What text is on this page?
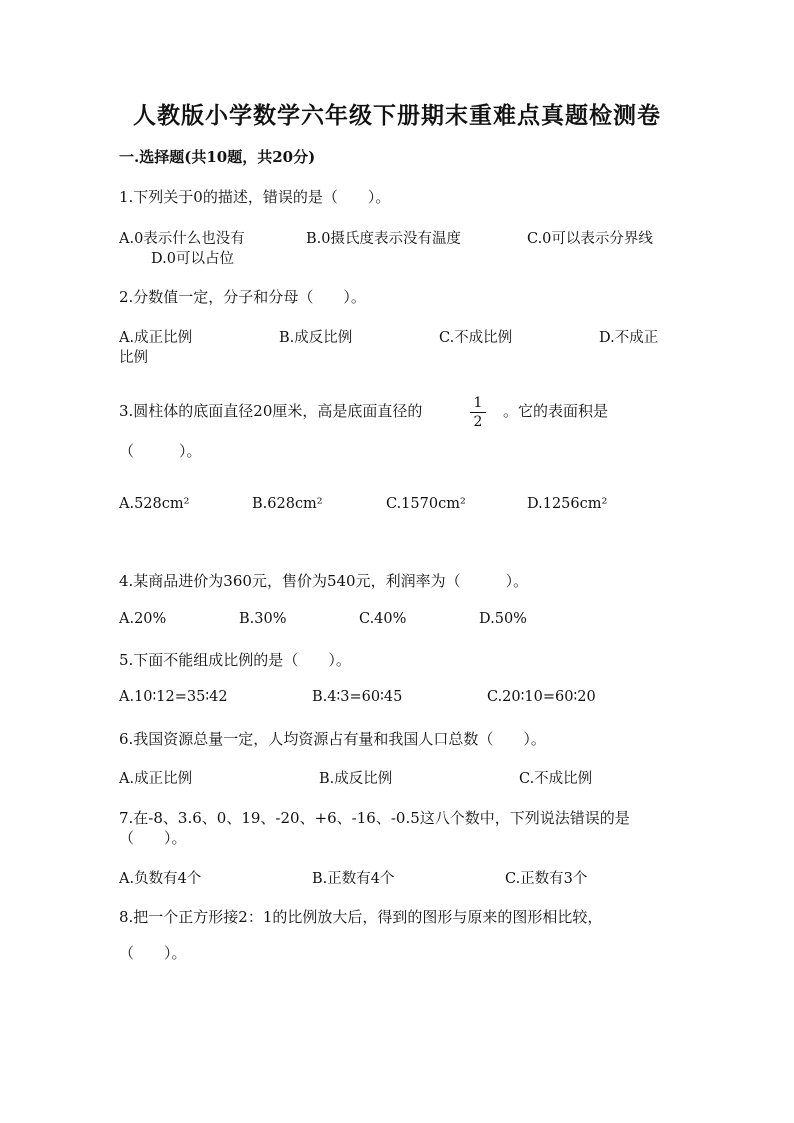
人教版小学数学六年级下册期末重难点真题检测卷
一.选择题(共10题，共20分)
1.下列关于0的描述，错误的是（　　）。
A.0表示什么也没有	B.0摄氏度表示没有温度	C.0可以表示分界线
D.0可以占位
2.分数值一定，分子和分母（　　）。
A.成正比例	B.成反比例	C.不成比例	D.不成正
比例
3.圆柱体的底面直径20厘米，高是底面直径的	1
2
。它的表面积是
（　　　）。
A.528cm²	B.628cm²	C.1570cm²	D.1256cm²
4.某商品进价为360元，售价为540元，利润率为（　　　）。
A.20%	B.30%	C.40%	D.50%
5.下面不能组成比例的是（　　）。
A.10∶12=35∶42	B.4∶3=60∶45	C.20∶10=60∶20
6.我国资源总量一定，人均资源占有量和我国人口总数（　　）。
A.成正比例	B.成反比例	C.不成比例
7.在-8、3.6、0、19、-20、+6、-16、-0.5这八个数中，下列说法错误的是
（　　）。
A.负数有4个	B.正数有4个	C.正数有3个
8.把一个正方形接2：1的比例放大后，得到的图形与原来的图形相比较，
（　　）。
